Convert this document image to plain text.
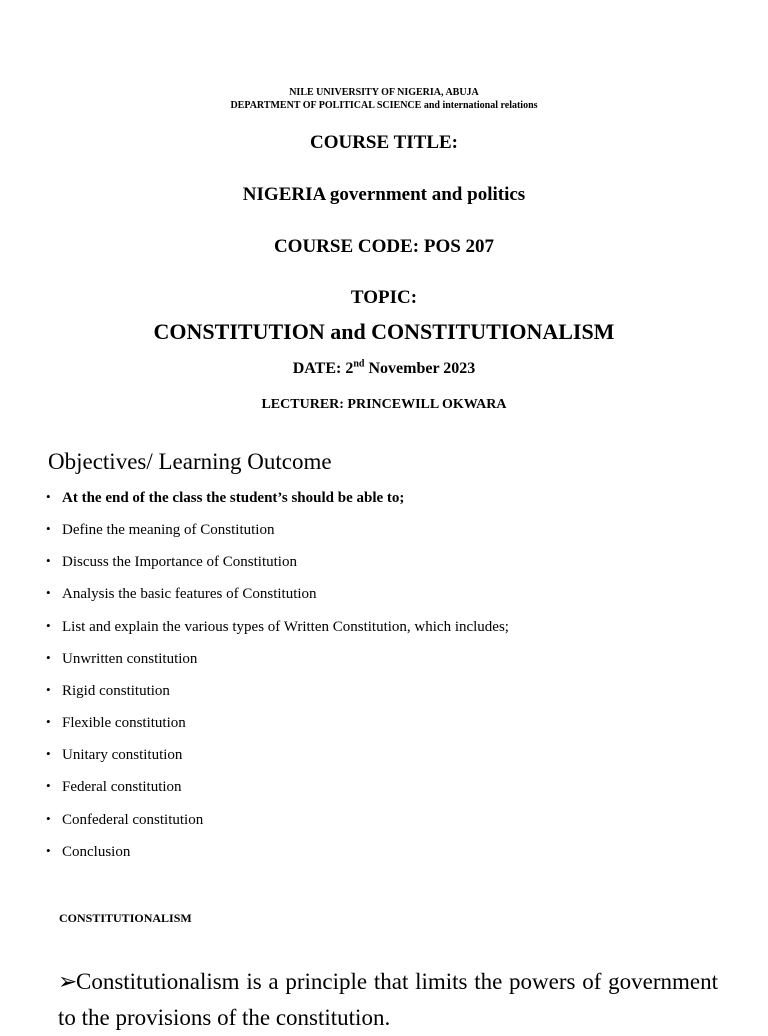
NILE UNIVERSITY OF NIGERIA, ABUJA

DEPARTMENT OF POLITICAL SCIENCE and international relations

COURSE TITLE:

NIGERIA government and politics

COURSE CODE: POS 207

TOPIC:

CONSTITUTION and CONSTITUTIONALISM

DATE: 2nd November 2023

LECTURER: PRINCEWILL OKWARA

Objectives/ Learning Outcome
• At the end of the class the student’s should be able to;
• Define the meaning of Constitution
• Discuss the Importance of Constitution
• Analysis the basic features of Constitution
• List and explain the various types of Written Constitution, which includes;
• Unwritten constitution
• Rigid constitution
• Flexible constitution
• Unitary constitution
• Federal constitution
• Confederal constitution
• Conclusion
CONSTITUTIONALISM

➢Constitutionalism is a principle that limits the powers of government to the provisions of the constitution.
